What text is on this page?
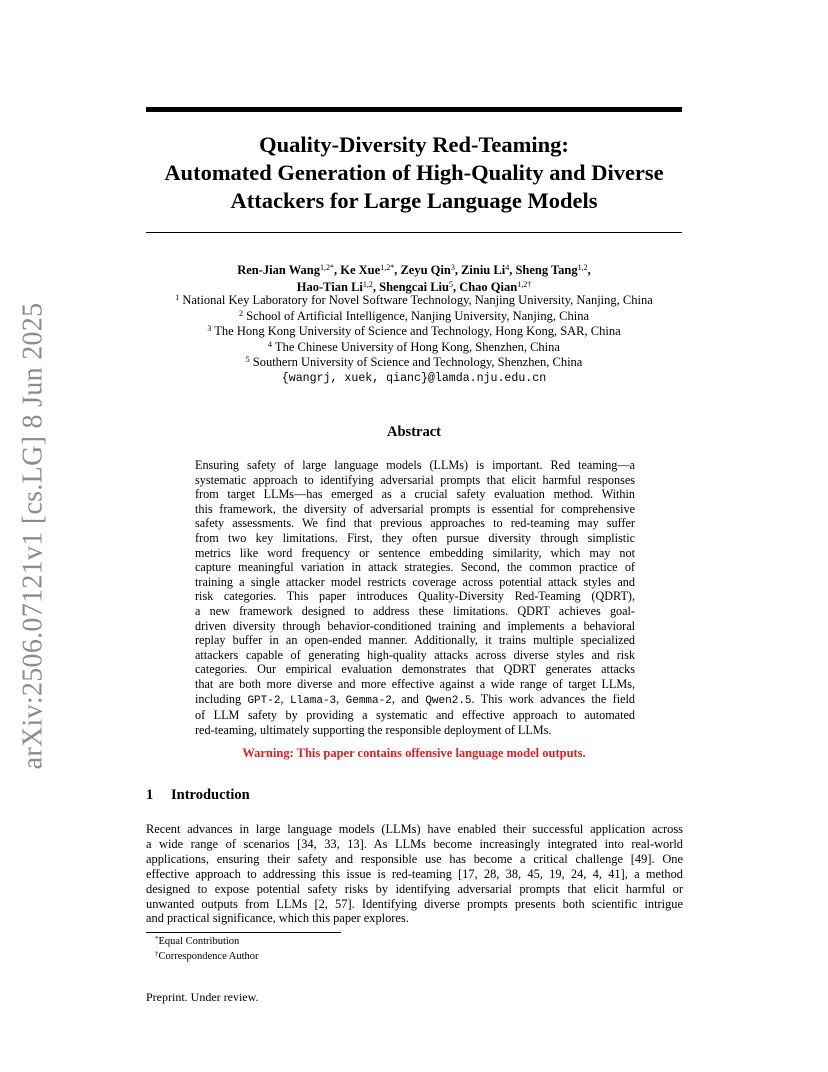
arXiv:2506.07121v1 [cs.LG] 8 Jun 2025
Quality-Diversity Red-Teaming:
Automated Generation of High-Quality and Diverse
Attackers for Large Language Models
Ren-Jian Wang$^{1,2*}$, Ke Xue$^{1,2*}$, Zeyu Qin$^3$, Ziniu Li$^4$, Sheng Tang$^{1,2}$,
Hao-Tian Li$^{1,2}$, Shengcai Liu$^5$, Chao Qian$^{1,2\dagger}$
$^1$ National Key Laboratory for Novel Software Technology, Nanjing University, Nanjing, China
$^2$ School of Artificial Intelligence, Nanjing University, Nanjing, China
$^3$ The Hong Kong University of Science and Technology, Hong Kong, SAR, China
$^4$ The Chinese University of Hong Kong, Shenzhen, China
$^5$ Southern University of Science and Technology, Shenzhen, China
{wangrj, xuek, qianc}@lamda.nju.edu.cn
Abstract
Ensuring safety of large language models (LLMs) is important. Red teaming—a
systematic approach to identifying adversarial prompts that elicit harmful responses
from target LLMs—has emerged as a crucial safety evaluation method. Within
this framework, the diversity of adversarial prompts is essential for comprehensive
safety assessments. We find that previous approaches to red-teaming may suffer
from two key limitations. First, they often pursue diversity through simplistic
metrics like word frequency or sentence embedding similarity, which may not
capture meaningful variation in attack strategies. Second, the common practice of
training a single attacker model restricts coverage across potential attack styles and
risk categories. This paper introduces Quality-Diversity Red-Teaming (QDRT),
a new framework designed to address these limitations. QDRT achieves goal-
driven diversity through behavior-conditioned training and implements a behavioral
replay buffer in an open-ended manner. Additionally, it trains multiple specialized
attackers capable of generating high-quality attacks across diverse styles and risk
categories. Our empirical evaluation demonstrates that QDRT generates attacks
that are both more diverse and more effective against a wide range of target LLMs,
including GPT-2, Llama-3, Gemma-2, and Qwen2.5. This work advances the field
of LLM safety by providing a systematic and effective approach to automated
red-teaming, ultimately supporting the responsible deployment of LLMs.
Warning: This paper contains offensive language model outputs.
1 Introduction
Recent advances in large language models (LLMs) have enabled their successful application across
a wide range of scenarios [34, 33, 13]. As LLMs become increasingly integrated into real-world
applications, ensuring their safety and responsible use has become a critical challenge [49]. One
effective approach to addressing this issue is red-teaming [17, 28, 38, 45, 19, 24, 4, 41], a method
designed to expose potential safety risks by identifying adversarial prompts that elicit harmful or
unwanted outputs from LLMs [2, 57]. Identifying diverse prompts presents both scientific intrigue
and practical significance, which this paper explores.
*Equal Contribution
†Correspondence Author
Preprint. Under review.
